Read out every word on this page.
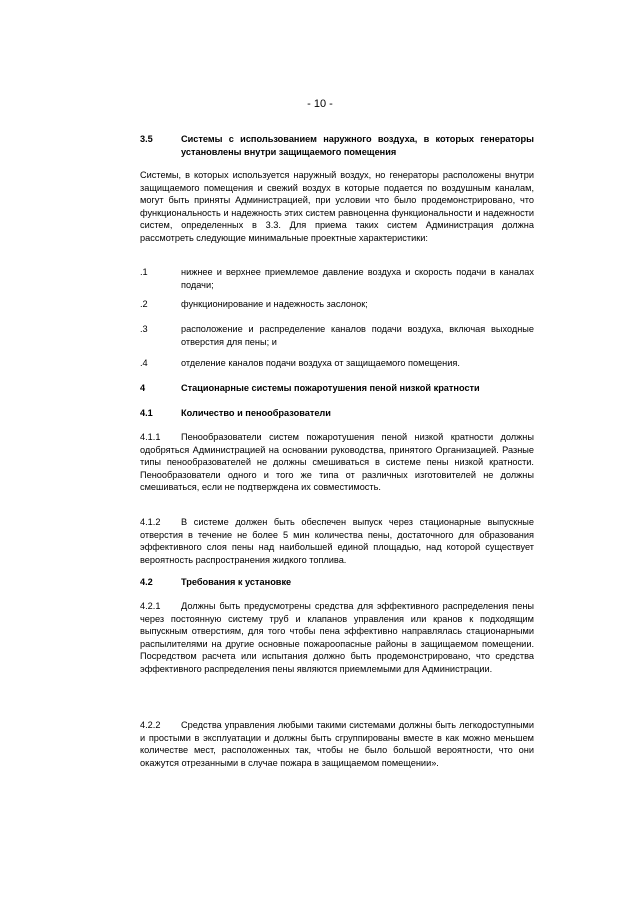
- 10 -
3.5	Системы с использованием наружного воздуха, в которых генераторы установлены внутри защищаемого помещения
Системы, в которых используется наружный воздух, но генераторы расположены внутри защищаемого помещения и свежий воздух в которые подается по воздушным каналам, могут быть приняты Администрацией, при условии что было продемонстрировано, что функциональность и надежность этих систем равноценна функциональности и надежности систем, определенных в 3.3. Для приема таких систем Администрация должна рассмотреть следующие минимальные проектные характеристики:
.1	нижнее и верхнее приемлемое давление воздуха и скорость подачи в каналах подачи;
.2	функционирование и надежность заслонок;
.3	расположение и распределение каналов подачи воздуха, включая выходные отверстия для пены; и
.4	отделение каналов подачи воздуха от защищаемого помещения.
4	Стационарные системы пожаротушения пеной низкой кратности
4.1	Количество и пенообразователи
4.1.1 Пенообразователи систем пожаротушения пеной низкой кратности должны одобряться Администрацией на основании руководства, принятого Организацией. Разные типы пенообразователей не должны смешиваться в системе пены низкой кратности. Пенообразователи одного и того же типа от различных изготовителей не должны смешиваться, если не подтверждена их совместимость.
4.1.2 В системе должен быть обеспечен выпуск через стационарные выпускные отверстия в течение не более 5 мин количества пены, достаточного для образования эффективного слоя пены над наибольшей единой площадью, над которой существует вероятность распространения жидкого топлива.
4.2	Требования к установке
4.2.1 Должны быть предусмотрены средства для эффективного распределения пены через постоянную систему труб и клапанов управления или кранов к подходящим выпускным отверстиям, для того чтобы пена эффективно направлялась стационарными распылителями на другие основные пожароопасные районы в защищаемом помещении. Посредством расчета или испытания должно быть продемонстрировано, что средства эффективного распределения пены являются приемлемыми для Администрации.
4.2.2 Средства управления любыми такими системами должны быть легкодоступными и простыми в эксплуатации и должны быть сгруппированы вместе в как можно меньшем количестве мест, расположенных так, чтобы не было большой вероятности, что они окажутся отрезанными в случае пожара в защищаемом помещении».
